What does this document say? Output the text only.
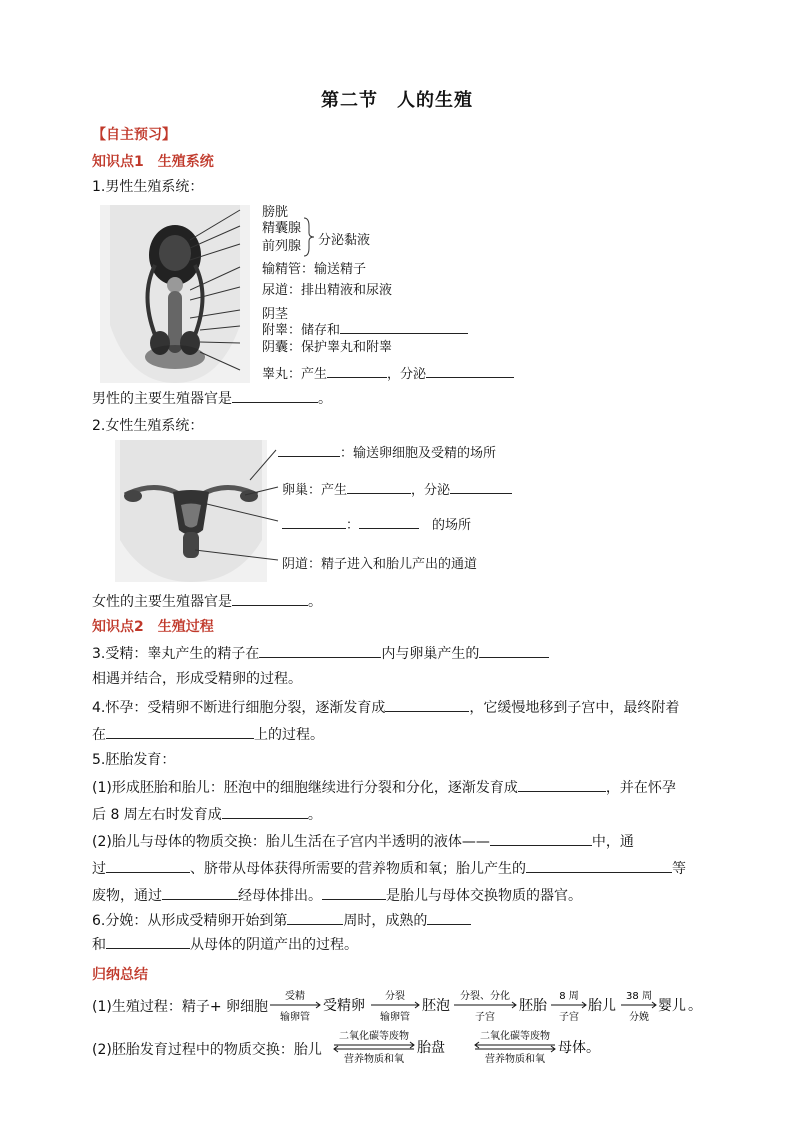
第二节　人的生殖
【自主预习】
知识点1　生殖系统
1.男性生殖系统：
膀胱
精囊腺
前列腺 分泌黏液
输精管：输送精子
尿道：排出精液和尿液
阴茎
附睾：储存和
阴囊：保护睾丸和附睾
睾丸：产生	，分泌
男性的主要生殖器官是	。
2.女性生殖系统：
：输送卵细胞及受精的场所
卵巢：产生	，分泌
：　	的场所
阴道：精子进入和胎儿产出的通道
女性的主要生殖器官是	。
知识点2　生殖过程
3.受精：睾丸产生的精子在	内与卵巢产生的
相遇并结合，形成受精卵的过程。
4.怀孕：受精卵不断进行细胞分裂，逐渐发育成	，它缓慢地移到子宫中，最终附着
在	上的过程。
5.胚胎发育：
(1)形成胚胎和胎儿：胚泡中的细胞继续进行分裂和分化，逐渐发育成	，并在怀孕
后 8 周左右时发育成	。
(2)胎儿与母体的物质交换：胎儿生活在子宫内半透明的液体——	中，通
过	、脐带从母体获得所需要的营养物质和氧；胎儿产生的	等
废物，通过	经母体排出。	是胎儿与母体交换物质的器官。
6.分娩：从形成受精卵开始到第	周时，成熟的
和	从母体的阴道产出的过程。
归纳总结
(1)生殖过程：精子+ 卵细胞
受精
输卵管
受精卵
分裂
输卵管
胚泡
分裂、分化
子宫
胚胎
8 周
子宫
胎儿
38 周
分娩
婴儿 。
(2)胚胎发育过程中的物质交换：胎儿
二氧化碳等废物
营养物质和氧
胎盘
二氧化碳等废物
营养物质和氧
母体。
